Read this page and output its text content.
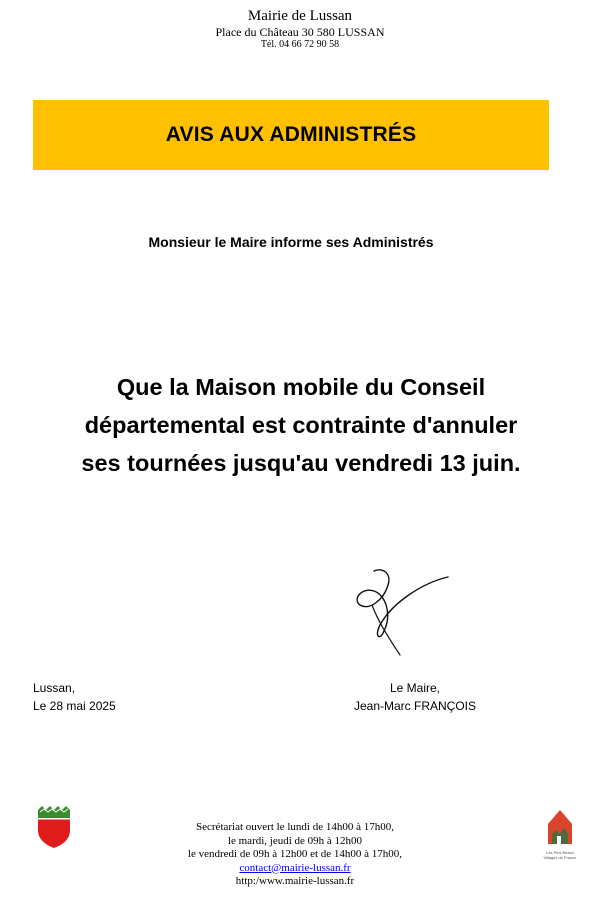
Mairie de Lussan
Place du Château 30 580 LUSSAN
Tél. 04 66 72 90 58
AVIS AUX ADMINISTRÉS
Monsieur le Maire informe ses Administrés
Que la Maison mobile du Conseil
départemental est contrainte d'annuler
ses tournées jusqu'au vendredi 13 juin.
Lussan,
Le 28 mai 2025
Le Maire,
Jean-Marc FRANÇOIS
Secrétariat ouvert le lundi de 14h00 à 17h00,
le mardi, jeudi de 09h à 12h00
le vendredi de 09h à 12h00 et de 14h00 à 17h00,
contact@mairie-lussan.fr
http:/www.mairie-lussan.fr
Les Plus Beaux Villages de France
